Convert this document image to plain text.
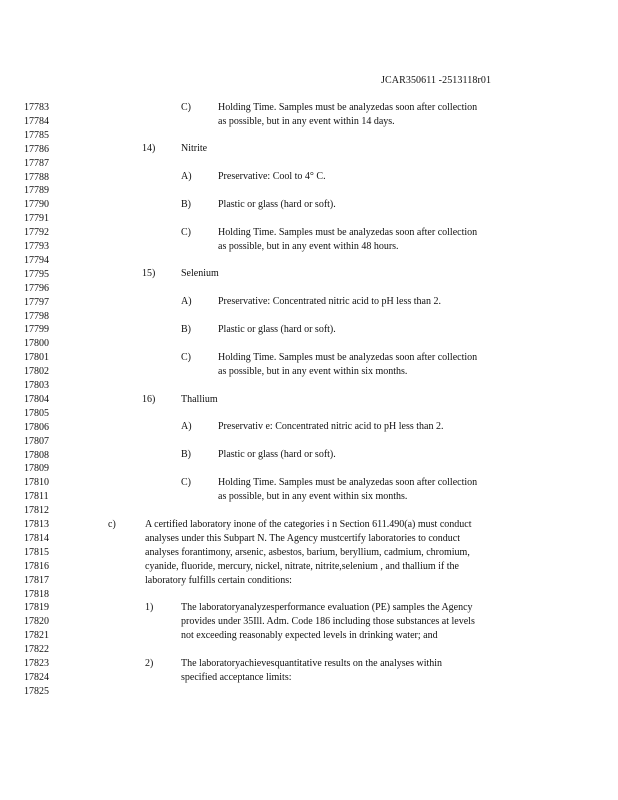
JCAR350611 -2513118r01
17783
17784
17785
17786
17787
17788
17789
17790
17791
17792
17793
17794
17795
17796
17797
17798
17799
17800
17801
17802
17803
17804
17805
17806
17807
17808
17809
17810
17811
17812
17813
17814
17815
17816
17817
17818
17819
17820
17821
17822
17823
17824
17825
C)	Holding Time. Samples must be analyzedas soon after collection
as possible, but in any event within 14 days.
14)	Nitrite
A)	Preservative: Cool to 4° C.
B)	Plastic or glass (hard or soft).
C)	Holding Time. Samples must be analyzedas soon after collection
as possible, but in any event within 48 hours.
15)	Selenium
A)	Preservative: Concentrated nitric acid to pH less than 2.
B)	Plastic or glass (hard or soft).
C)	Holding Time. Samples must be analyzedas soon after collection
as possible, but in any event within six months.
16)	Thallium
A)	Preservativ e: Concentrated nitric acid to pH less than 2.
B)	Plastic or glass (hard or soft).
C)	Holding Time. Samples must be analyzedas soon after collection
as possible, but in any event within six months.
c)	A certified laboratory inone of the categories i n Section 611.490(a) must conduct
analyses under this Subpart N. The Agency mustcertify laboratories to conduct
analyses forantimony, arsenic, asbestos, barium, beryllium, cadmium, chromium,
cyanide, fluoride, mercury, nickel, nitrate, nitrite,selenium , and thallium if the
laboratory fulfills certain conditions:
1)	The laboratoryanalyzesperformance evaluation (PE) samples the Agency
provides under 35Ill. Adm. Code 186 including those substances at levels
not exceeding reasonably expected levels in drinking water; and
2)	The laboratoryachievesquantitative results on the analyses within
specified acceptance limits:
